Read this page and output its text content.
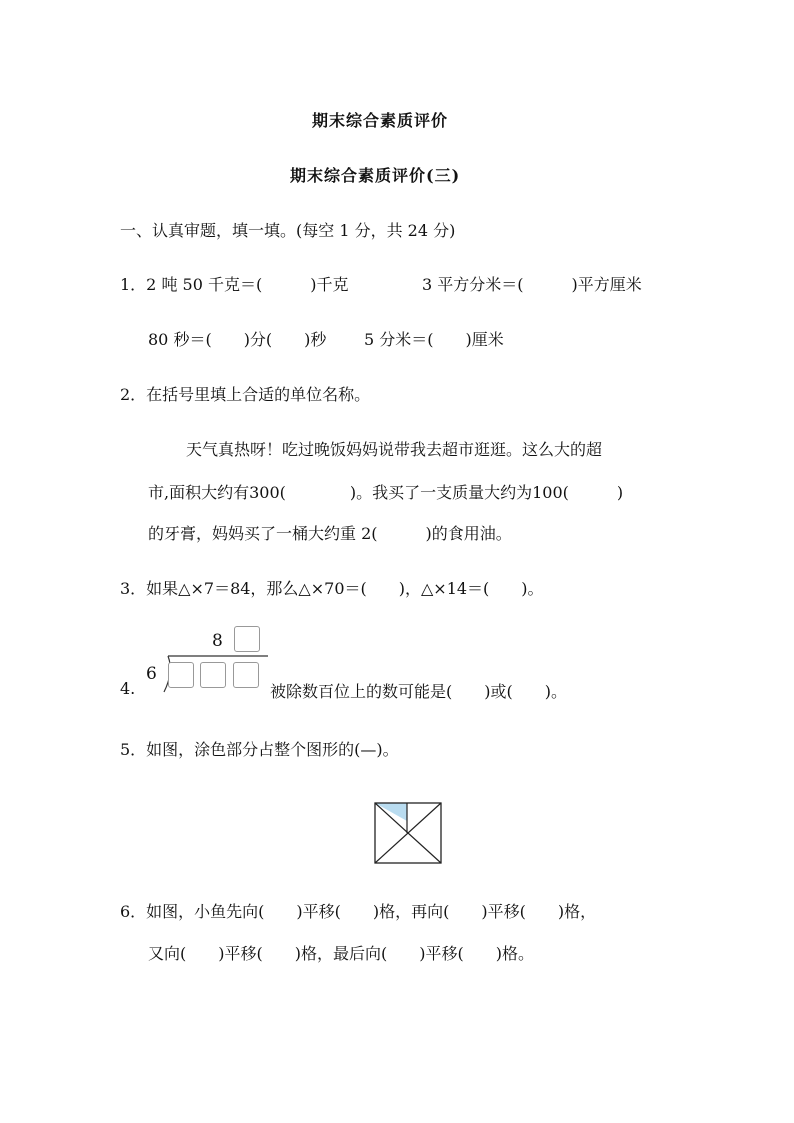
期末综合素质评价
期末综合素质评价(三)
一、认真审题，填一填。(每空 1 分，共 24 分)
1．2 吨 50 千克＝(　　　)千克	3 平方分米＝(　　　)平方厘米
80 秒＝(　　)分(　　)秒 5 分米＝(　　)厘米
2．在括号里填上合适的单位名称。
天气真热呀！吃过晚饭妈妈说带我去超市逛逛。这么大的超
市,面积大约有300(　　　　)。我买了一支质量大约为100(　　　)
的牙膏，妈妈买了一桶大约重 2(　　　)的食用油。
3．如果△×7＝84，那么△×70＝(　　)，△×14＝(　　)。
4.
8
6
被除数百位上的数可能是(　　)或(　　)。
5．如图，涂色部分占整个图形的(—)。
6．如图，小鱼先向(　　)平移(　　)格，再向(　　)平移(　　)格，
又向(　　)平移(　　)格，最后向(　　)平移(　　)格。
